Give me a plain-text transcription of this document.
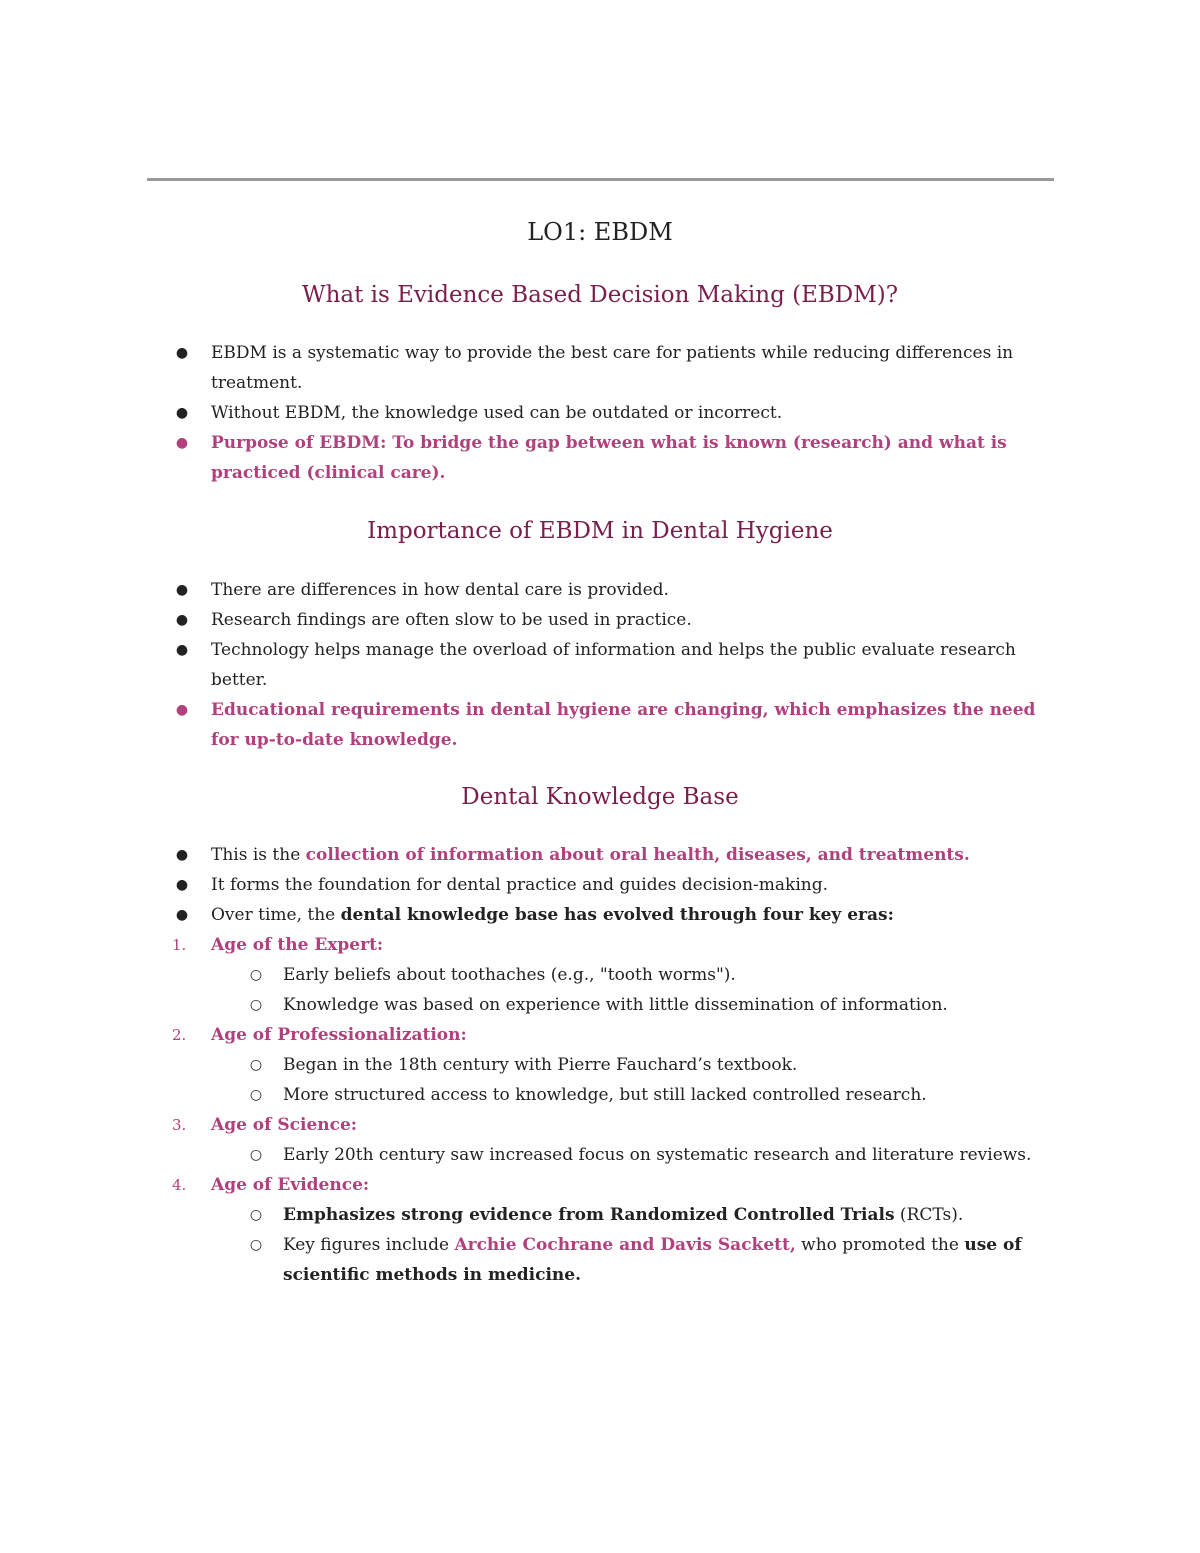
LO1: EBDM
What is Evidence Based Decision Making (EBDM)?
● EBDM is a systematic way to provide the best care for patients while reducing differences in treatment.
● Without EBDM, the knowledge used can be outdated or incorrect.
● Purpose of EBDM: To bridge the gap between what is known (research) and what is practiced (clinical care).
Importance of EBDM in Dental Hygiene
● There are differences in how dental care is provided.
● Research findings are often slow to be used in practice.
● Technology helps manage the overload of information and helps the public evaluate research better.
● Educational requirements in dental hygiene are changing, which emphasizes the need for up-to-date knowledge.
Dental Knowledge Base
● This is the collection of information about oral health, diseases, and treatments.
● It forms the foundation for dental practice and guides decision-making.
● Over time, the dental knowledge base has evolved through four key eras:
1.	Age of the Expert:
○ Early beliefs about toothaches (e.g., "tooth worms").
○ Knowledge was based on experience with little dissemination of information.
2.	Age of Professionalization:
○ Began in the 18th century with Pierre Fauchard’s textbook.
○ More structured access to knowledge, but still lacked controlled research.
3.	Age of Science:
○ Early 20th century saw increased focus on systematic research and literature reviews.
4.	Age of Evidence:
○ Emphasizes strong evidence from Randomized Controlled Trials (RCTs).
○ Key figures include Archie Cochrane and Davis Sackett, who promoted the use of scientific methods in medicine.
